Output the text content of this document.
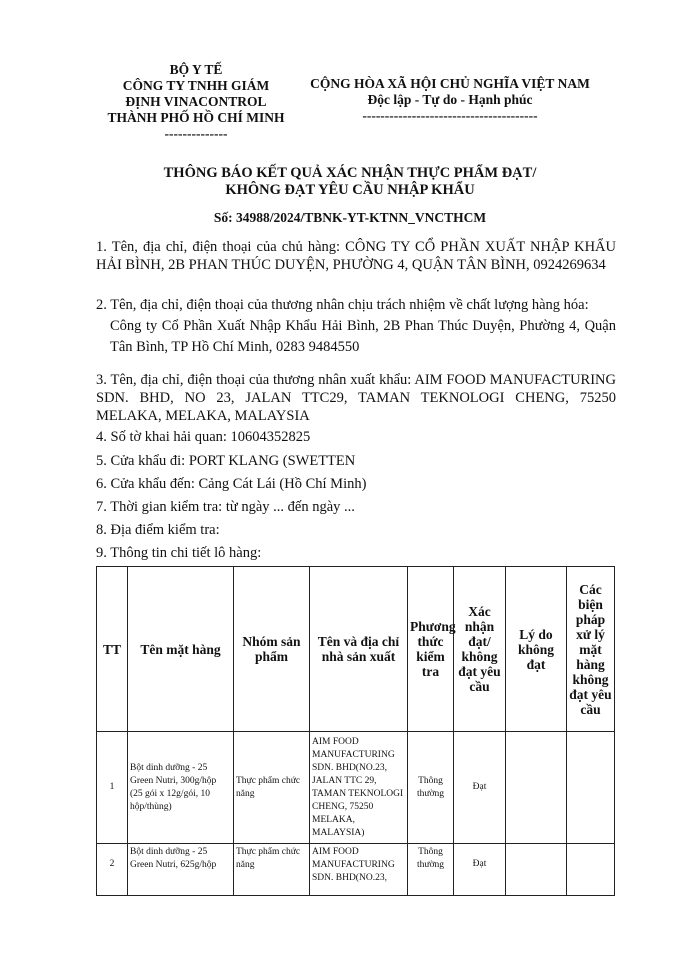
BỘ Y TẾ
CÔNG TY TNHH GIÁM
ĐỊNH VINACONTROL
THÀNH PHỐ HỒ CHÍ MINH
--------------
CỘNG HÒA XÃ HỘI CHỦ NGHĨA VIỆT NAM
Độc lập - Tự do - Hạnh phúc
---------------------------------------
THÔNG BÁO KẾT QUẢ XÁC NHẬN THỰC PHẨM ĐẠT/
KHÔNG ĐẠT YÊU CẦU NHẬP KHẨU
Số: 34988/2024/TBNK-YT-KTNN_VNCTHCM
1. Tên, địa chỉ, điện thoại của chủ hàng: CÔNG TY CỔ PHẦN XUẤT NHẬP KHẨU HẢI BÌNH, 2B PHAN THÚC DUYỆN, PHƯỜNG 4, QUẬN TÂN BÌNH, 0924269634
2. Tên, địa chỉ, điện thoại của thương nhân chịu trách nhiệm về chất lượng hàng hóa:
Công ty Cổ Phần Xuất Nhập Khẩu Hải Bình, 2B Phan Thúc Duyện, Phường 4, Quận Tân Bình, TP Hồ Chí Minh, 0283 9484550
3. Tên, địa chỉ, điện thoại của thương nhân xuất khẩu: AIM FOOD MANUFACTURING SDN. BHD, NO 23, JALAN TTC29, TAMAN TEKNOLOGI CHENG, 75250 MELAKA, MELAKA, MALAYSIA
4. Số tờ khai hải quan: 10604352825
5. Cửa khẩu đi: PORT KLANG (SWETTEN
6. Cửa khẩu đến: Cảng Cát Lái (Hồ Chí Minh)
7. Thời gian kiểm tra: từ ngày ... đến ngày ...
8. Địa điểm kiểm tra:
9. Thông tin chi tiết lô hàng:
TT	Tên mặt hàng	Nhóm sản phẩm	Tên và địa chỉ nhà sản xuất	Phương thức kiểm tra	Xác nhận đạt/ không đạt yêu cầu	Lý do không đạt	Các biện pháp xử lý mặt hàng không đạt yêu cầu
1	Bột dinh dưỡng - 25 Green Nutri, 300g/hộp (25 gói x 12g/gói, 10 hộp/thùng)	Thực phẩm chức năng	AIM FOOD MANUFACTURING SDN. BHD(NO.23, JALAN TTC 29, TAMAN TEKNOLOGI CHENG, 75250 MELAKA, MALAYSIA)	Thông thường	Đạt		
2	Bột dinh dưỡng - 25 Green Nutri, 625g/hộp	Thực phẩm chức năng	AIM FOOD MANUFACTURING SDN. BHD(NO.23,	Thông thường	Đạt		
